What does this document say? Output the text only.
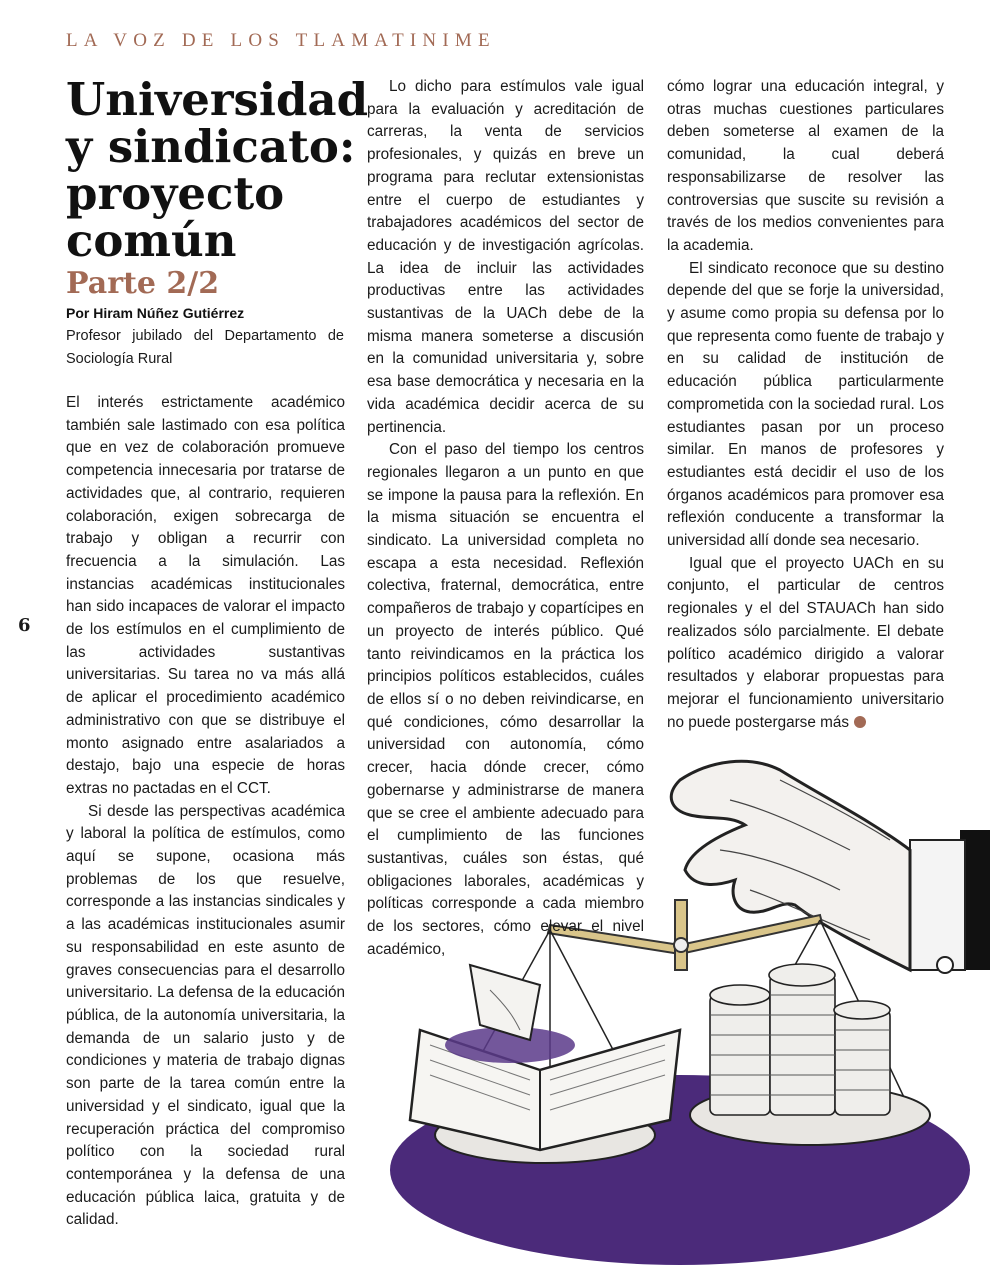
LA VOZ DE LOS TLAMATINIME
Universidad y sindicato: proyecto común
Parte 2/2
Por Hiram Núñez Gutiérrez
Profesor jubilado del Departamento de Sociología Rural
6

El interés estrictamente académico también sale lastimado con esa política que en vez de colaboración promueve competencia innecesaria por tratarse de actividades que, al contrario, requieren colaboración, exigen sobrecarga de trabajo y obligan a recurrir con frecuencia a la simulación. Las instancias académicas institucionales han sido incapaces de valorar el impacto de los estímulos en el cumplimiento de las actividades sustantivas universitarias. Su tarea no va más allá de aplicar el procedimiento académico administrativo con que se distribuye el monto asignado entre asalariados a destajo, bajo una especie de horas extras no pactadas en el CCT.

Si desde las perspectivas académica y laboral la política de estímulos, como aquí se supone, ocasiona más problemas de los que resuelve, corresponde a las instancias sindicales y a las académicas institucionales asumir su responsabilidad en este asunto de graves consecuencias para el desarrollo universitario. La defensa de la educación pública, de la autonomía universitaria, la demanda de un salario justo y de condiciones y materia de trabajo dignas son parte de la tarea común entre la universidad y el sindicato, igual que la recuperación práctica del compromiso político con la sociedad rural contemporánea y la defensa de una educación pública laica, gratuita y de calidad.

Lo dicho para estímulos vale igual para la evaluación y acreditación de carreras, la venta de servicios profesionales, y quizás en breve un programa para reclutar extensionistas entre el cuerpo de estudiantes y trabajadores académicos del sector de educación y de investigación agrícolas. La idea de incluir las actividades productivas entre las actividades sustantivas de la UACh debe de la misma manera someterse a discusión en la comunidad universitaria y, sobre esa base democrática y necesaria en la vida académica decidir acerca de su pertinencia.

Con el paso del tiempo los centros regionales llegaron a un punto en que se impone la pausa para la reflexión. En la misma situación se encuentra el sindicato. La universidad completa no escapa a esta necesidad. Reflexión colectiva, fraternal, democrática, entre compañeros de trabajo y copartícipes en un proyecto de interés público. Qué tanto reivindicamos en la práctica los principios políticos establecidos, cuáles de ellos sí o no deben reivindicarse, en qué condiciones, cómo desarrollar la universidad con autonomía, cómo crecer, hacia dónde crecer, cómo gobernarse y administrarse de manera que se cree el ambiente adecuado para el cumplimiento de las funciones sustantivas, cuáles son éstas, qué obligaciones laborales, académicas y políticas corresponde a cada miembro de los sectores, cómo elevar el nivel académico,

cómo lograr una educación integral, y otras muchas cuestiones particulares deben someterse al examen de la comunidad, la cual deberá responsabilizarse de resolver las controversias que suscite su revisión a través de los medios convenientes para la academia.

El sindicato reconoce que su destino depende del que se forje la universidad, y asume como propia su defensa por lo que representa como fuente de trabajo y en su calidad de institución de educación pública particularmente comprometida con la sociedad rural. Los estudiantes pasan por un proceso similar. En manos de profesores y estudiantes está decidir el uso de los órganos académicos para promover esa reflexión conducente a transformar la universidad allí donde sea necesario.

Igual que el proyecto UACh en su conjunto, el particular de centros regionales y el del STAUACh han sido realizados sólo parcialmente. El debate político académico dirigido a valorar resultados y elaborar propuestas para mejorar el funcionamiento universitario no puede postergarse más
